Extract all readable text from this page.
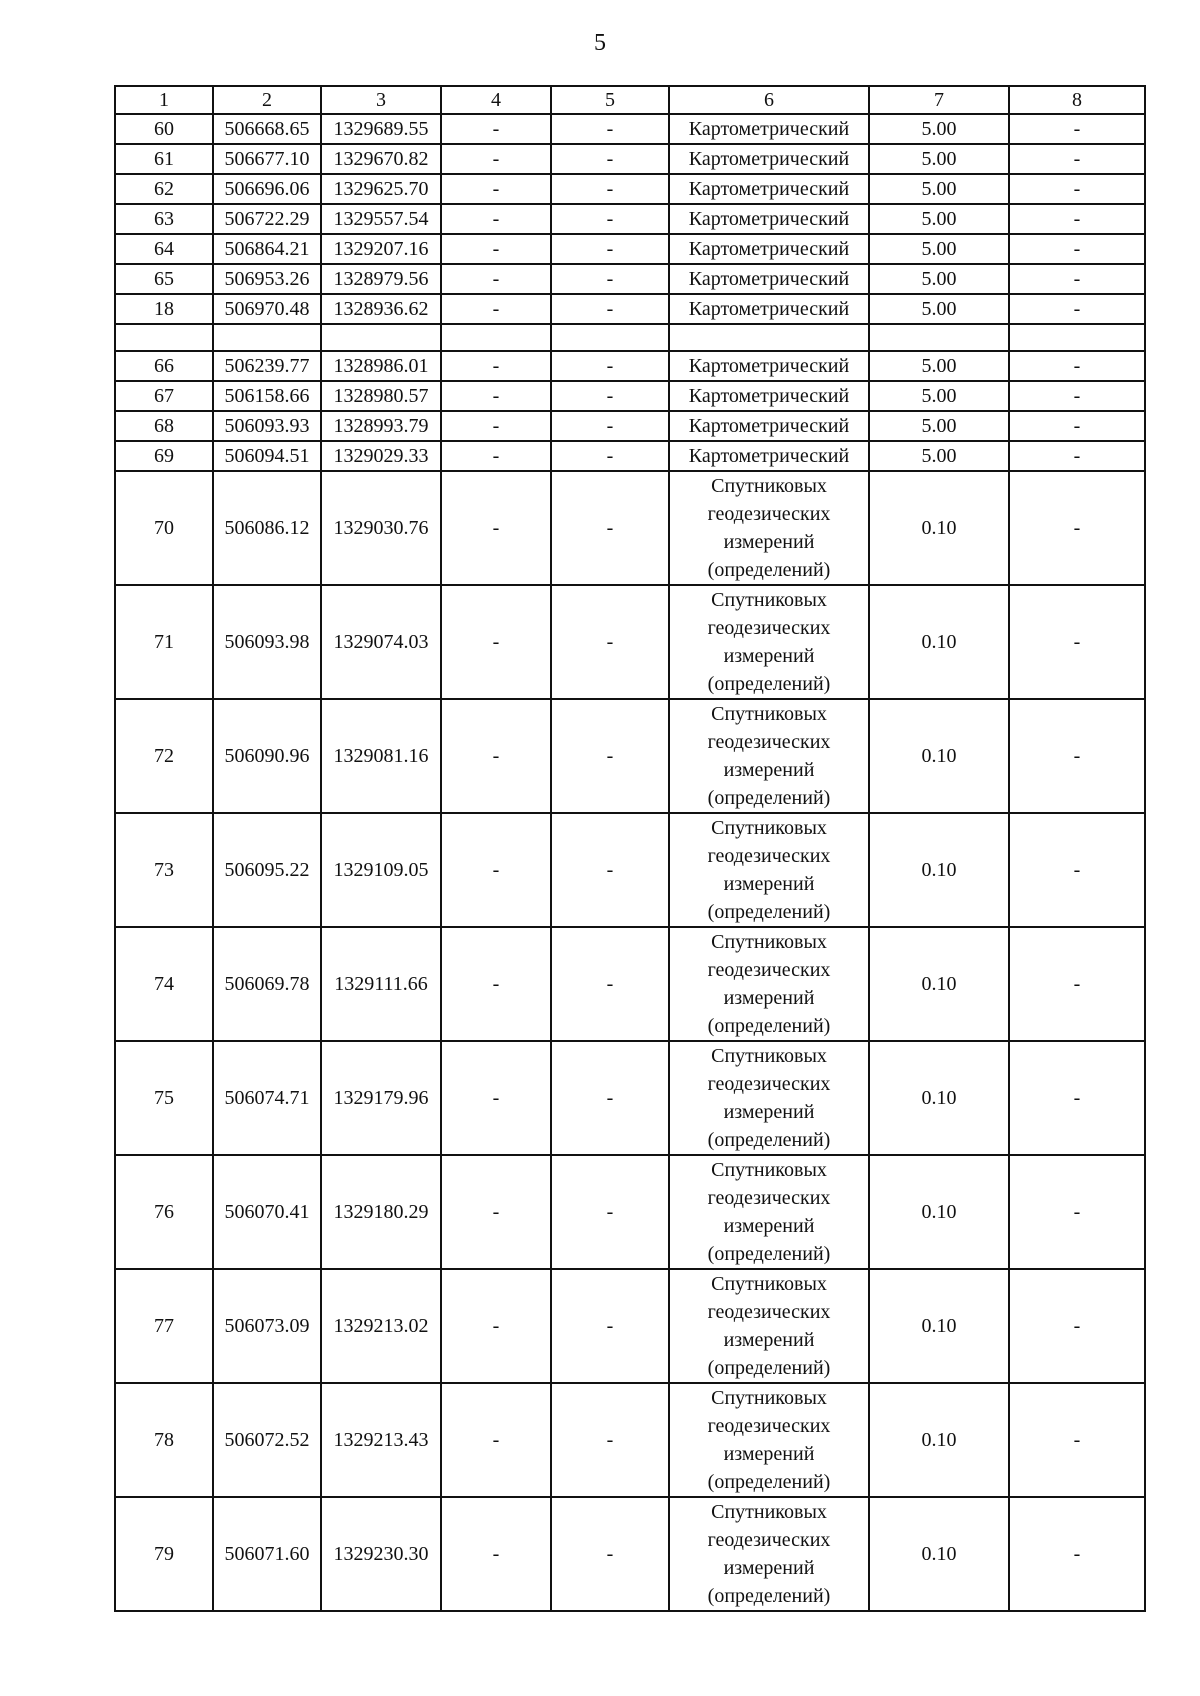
5
1	2	3	4	5	6	7	8
60	506668.65	1329689.55	-	-	Картометрический	5.00	-
61	506677.10	1329670.82	-	-	Картометрический	5.00	-
62	506696.06	1329625.70	-	-	Картометрический	5.00	-
63	506722.29	1329557.54	-	-	Картометрический	5.00	-
64	506864.21	1329207.16	-	-	Картометрический	5.00	-
65	506953.26	1328979.56	-	-	Картометрический	5.00	-
18	506970.48	1328936.62	-	-	Картометрический	5.00	-

66	506239.77	1328986.01	-	-	Картометрический	5.00	-
67	506158.66	1328980.57	-	-	Картометрический	5.00	-
68	506093.93	1328993.79	-	-	Картометрический	5.00	-
69	506094.51	1329029.33	-	-	Картометрический	5.00	-
70	506086.12	1329030.76	-	-	Спутниковых геодезических измерений (определений)	0.10	-
71	506093.98	1329074.03	-	-	Спутниковых геодезических измерений (определений)	0.10	-
72	506090.96	1329081.16	-	-	Спутниковых геодезических измерений (определений)	0.10	-
73	506095.22	1329109.05	-	-	Спутниковых геодезических измерений (определений)	0.10	-
74	506069.78	1329111.66	-	-	Спутниковых геодезических измерений (определений)	0.10	-
75	506074.71	1329179.96	-	-	Спутниковых геодезических измерений (определений)	0.10	-
76	506070.41	1329180.29	-	-	Спутниковых геодезических измерений (определений)	0.10	-
77	506073.09	1329213.02	-	-	Спутниковых геодезических измерений (определений)	0.10	-
78	506072.52	1329213.43	-	-	Спутниковых геодезических измерений (определений)	0.10	-
79	506071.60	1329230.30	-	-	Спутниковых геодезических измерений (определений)	0.10	-
